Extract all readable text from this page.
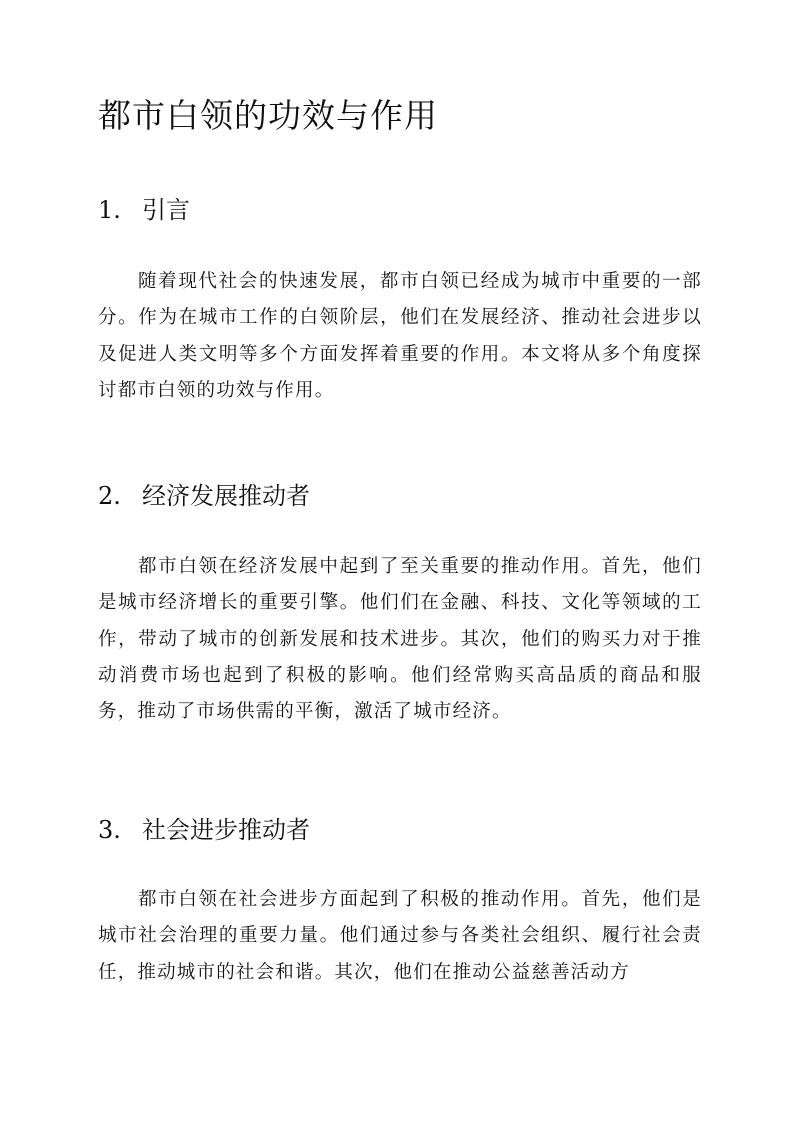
都市白领的功效与作用
1. 引言

随着现代社会的快速发展，都市白领已经成为城市中重要的一部分。作为在城市工作的白领阶层，他们在发展经济、推动社会进步以及促进人类文明等多个方面发挥着重要的作用。本文将从多个角度探讨都市白领的功效与作用。

2. 经济发展推动者

都市白领在经济发展中起到了至关重要的推动作用。首先，他们是城市经济增长的重要引擎。他们们在金融、科技、文化等领域的工作，带动了城市的创新发展和技术进步。其次，他们的购买力对于推动消费市场也起到了积极的影响。他们经常购买高品质的商品和服务，推动了市场供需的平衡，激活了城市经济。

3. 社会进步推动者

都市白领在社会进步方面起到了积极的推动作用。首先，他们是城市社会治理的重要力量。他们通过参与各类社会组织、履行社会责任，推动城市的社会和谐。其次，他们在推动公益慈善活动方
